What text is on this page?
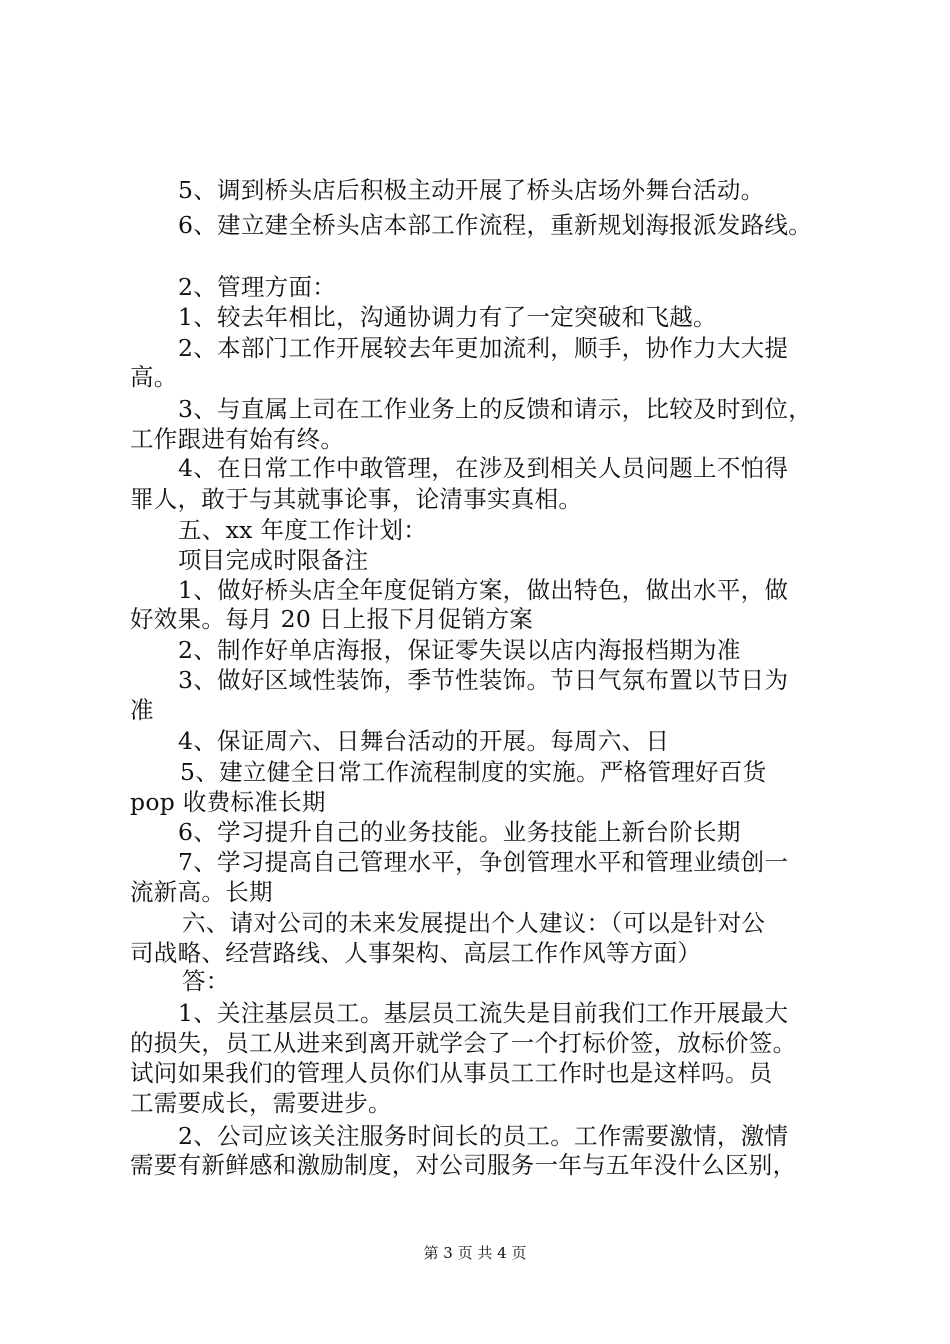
5、调到桥头店后积极主动开展了桥头店场外舞台活动。
6、建立建全桥头店本部工作流程，重新规划海报派发路线。
2、管理方面：
1、较去年相比，沟通协调力有了一定突破和飞越。
2、本部门工作开展较去年更加流利，顺手，协作力大大提
高。
3、与直属上司在工作业务上的反馈和请示，比较及时到位，
工作跟进有始有终。
4、在日常工作中敢管理，在涉及到相关人员问题上不怕得
罪人，敢于与其就事论事，论清事实真相。
五、xx 年度工作计划：
项目完成时限备注
1、做好桥头店全年度促销方案，做出特色，做出水平，做
好效果。每月 20 日上报下月促销方案
2、制作好单店海报，保证零失误以店内海报档期为准
3、做好区域性装饰，季节性装饰。节日气氛布置以节日为
准
4、保证周六、日舞台活动的开展。每周六、日
5、建立健全日常工作流程制度的实施。严格管理好百货
pop 收费标准长期
6、学习提升自己的业务技能。业务技能上新台阶长期
7、学习提高自己管理水平，争创管理水平和管理业绩创一
流新高。长期
六、请对公司的未来发展提出个人建议：（可以是针对公
司战略、经营路线、人事架构、高层工作作风等方面）
答：
1、关注基层员工。基层员工流失是目前我们工作开展最大
的损失，员工从进来到离开就学会了一个打标价签，放标价签。
试问如果我们的管理人员你们从事员工工作时也是这样吗。员
工需要成长，需要进步。
2、公司应该关注服务时间长的员工。工作需要激情，激情
需要有新鲜感和激励制度，对公司服务一年与五年没什么区别，
第 3 页 共 4 页
